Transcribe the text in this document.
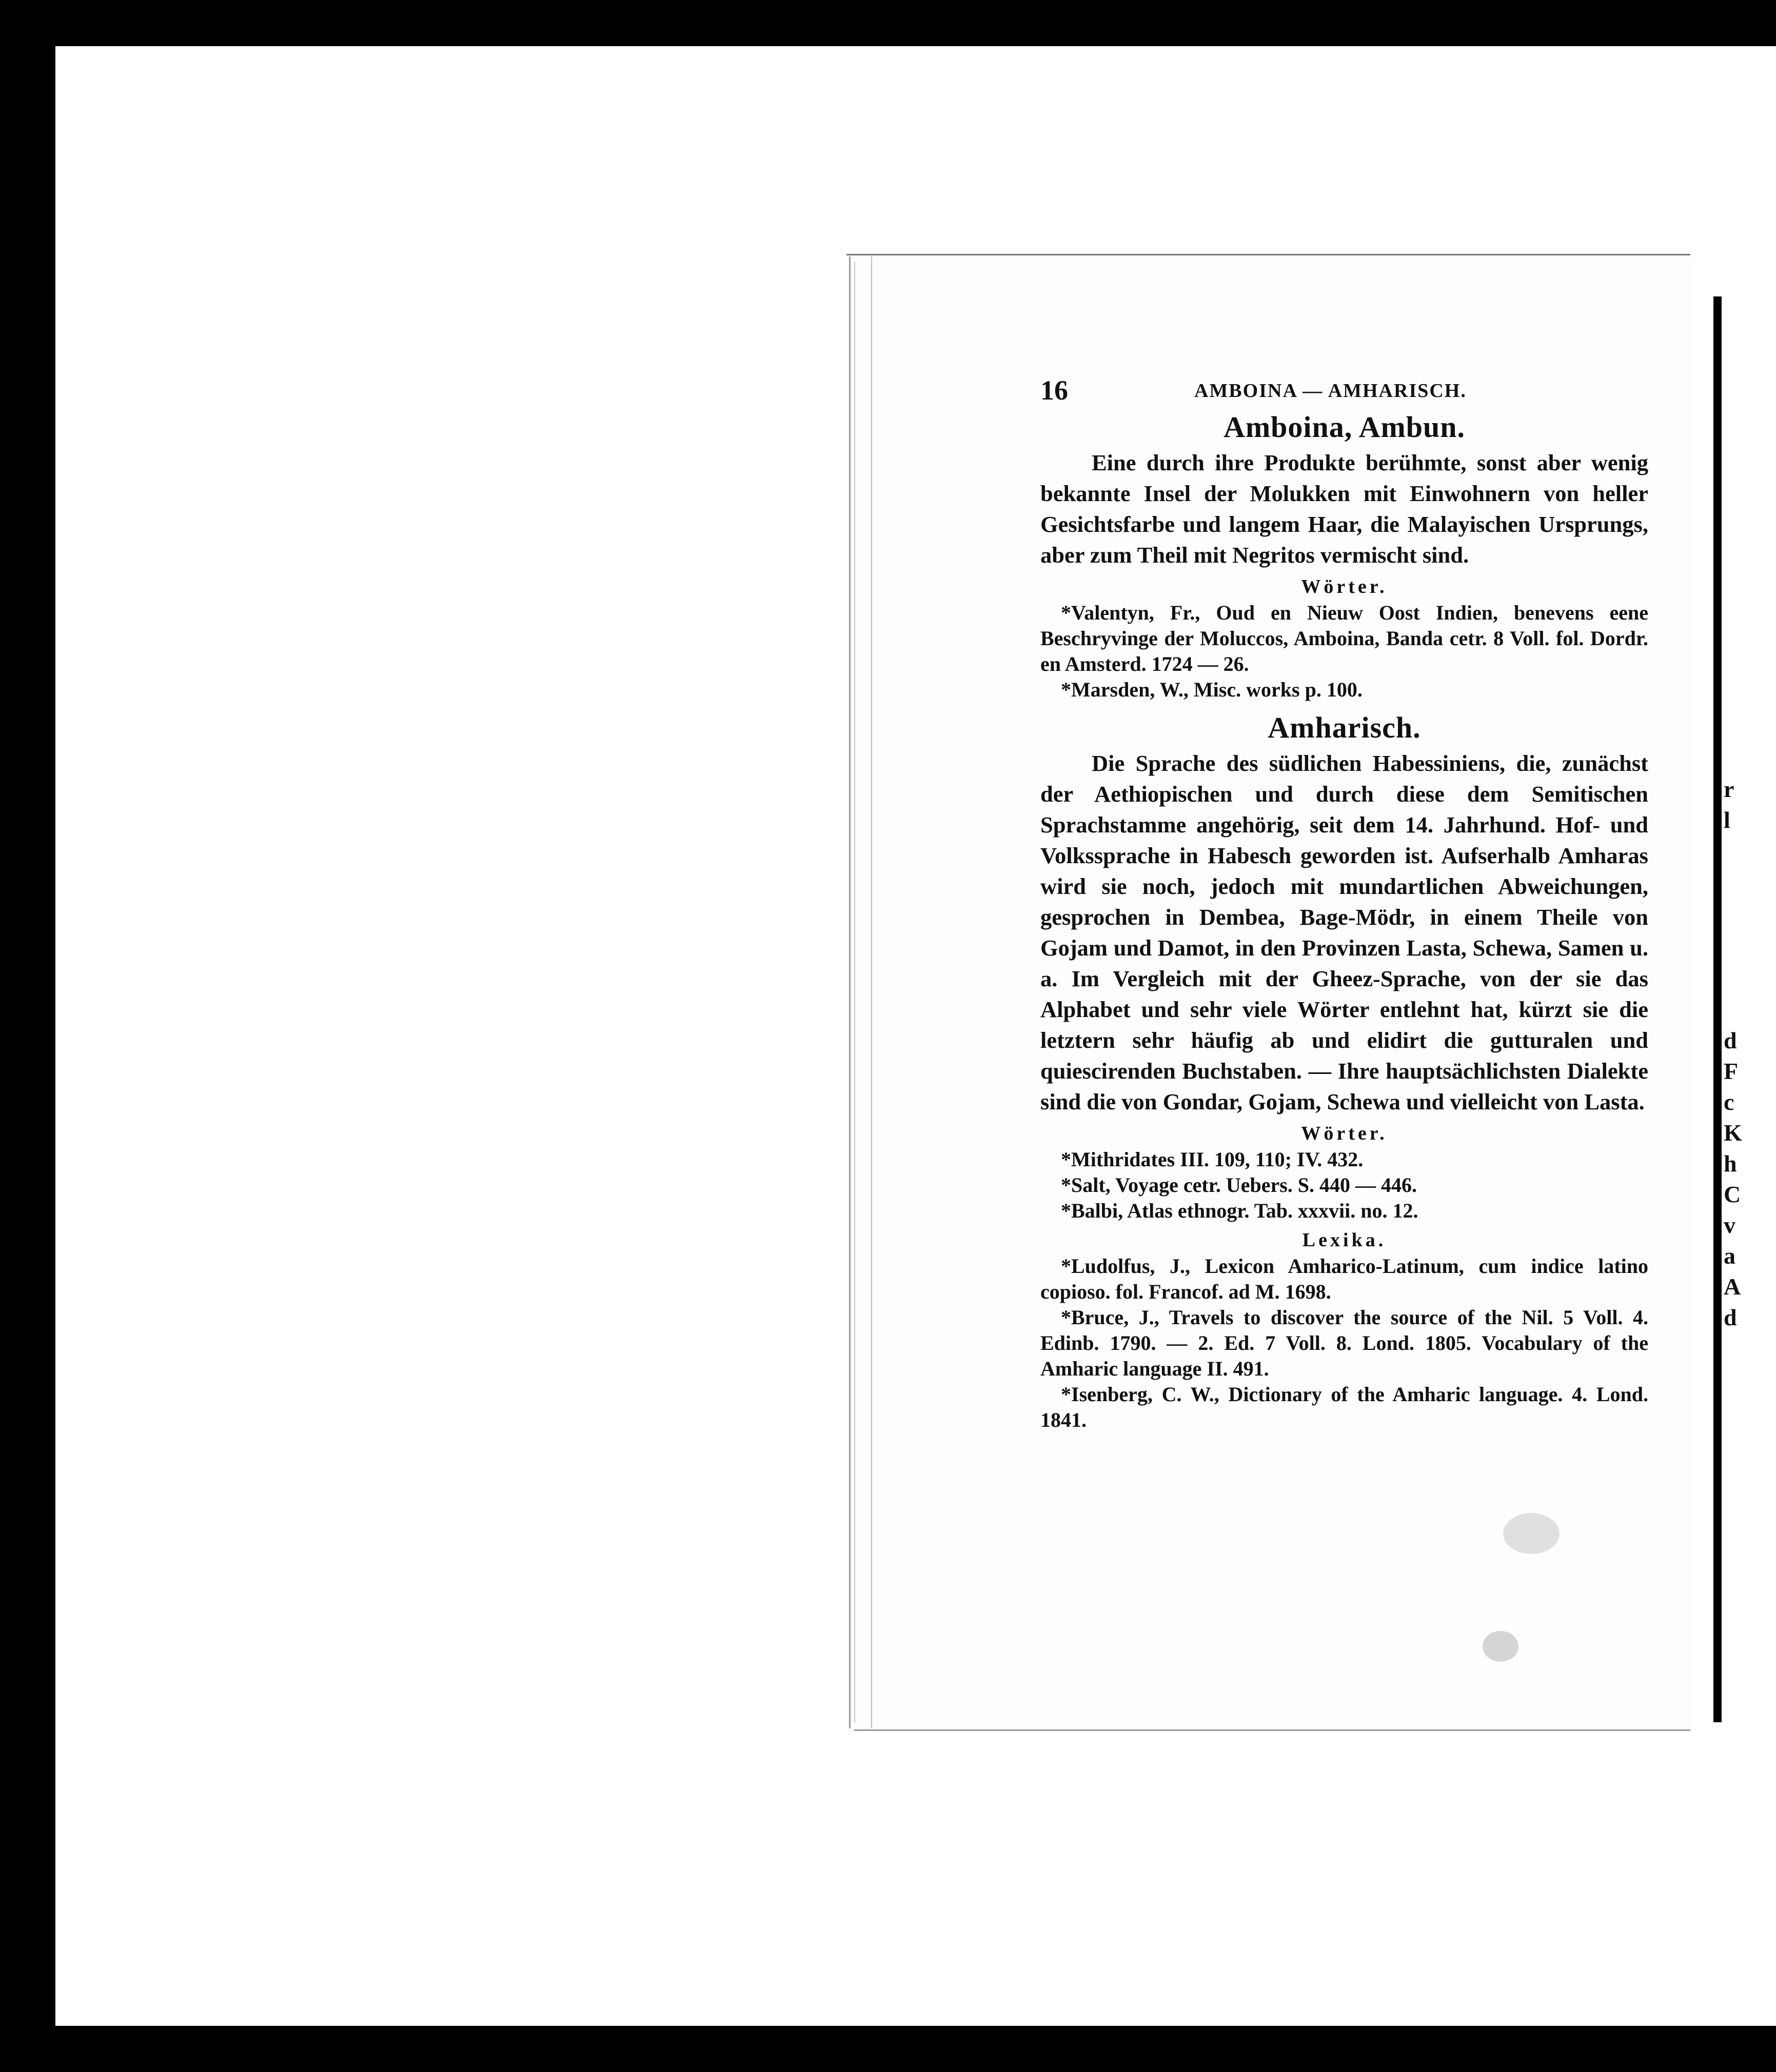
r
l
d
F
c
K
h
C
v
a
A
d
16	AMBOINA — AMHARISCH.
Amboina, Ambun.

Eine durch ihre Produkte berühmte, sonst aber wenig bekannte Insel der Molukken mit Einwohnern von heller Gesichtsfarbe und langem Haar, die Malayischen Ursprungs, aber zum Theil mit Negritos vermischt sind.

Wörter.

*Valentyn, Fr., Oud en Nieuw Oost Indien, benevens eene Beschryvinge der Moluccos, Amboina, Banda cetr. 8 Voll. fol. Dordr. en Amsterd. 1724 — 26.

*Marsden, W., Misc. works p. 100.

Amharisch.

Die Sprache des südlichen Habessiniens, die, zunächst der Aethiopischen und durch diese dem Semitischen Sprachstamme angehörig, seit dem 14. Jahrhund. Hof- und Volkssprache in Habesch geworden ist. Aufserhalb Amharas wird sie noch, jedoch mit mundartlichen Abweichungen, gesprochen in Dembea, Bage-Mödr, in einem Theile von Gojam und Damot, in den Provinzen Lasta, Schewa, Samen u. a. Im Vergleich mit der Gheez-Sprache, von der sie das Alphabet und sehr viele Wörter entlehnt hat, kürzt sie die letztern sehr häufig ab und elidirt die gutturalen und quiescirenden Buchstaben. — Ihre hauptsächlichsten Dialekte sind die von Gondar, Gojam, Schewa und vielleicht von Lasta.

Wörter.

*Mithridates III. 109, 110; IV. 432.

*Salt, Voyage cetr. Uebers. S. 440 — 446.

*Balbi, Atlas ethnogr. Tab. xxxvii. no. 12.

Lexika.

*Ludolfus, J., Lexicon Amharico-Latinum, cum indice latino copioso. fol. Francof. ad M. 1698.

*Bruce, J., Travels to discover the source of the Nil. 5 Voll. 4. Edinb. 1790. — 2. Ed. 7 Voll. 8. Lond. 1805. Vocabulary of the Amharic language II. 491.

*Isenberg, C. W., Dictionary of the Amharic language. 4. Lond. 1841.
